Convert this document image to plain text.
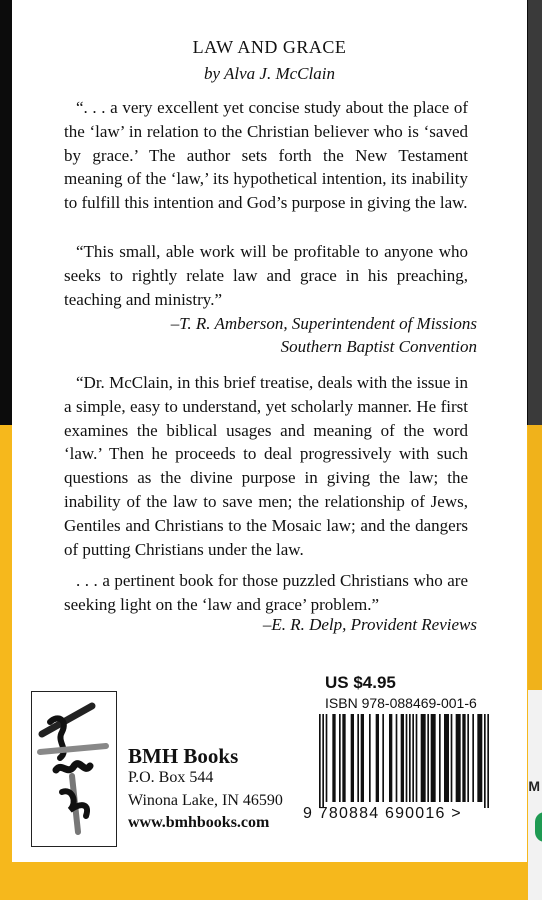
M
LAW AND GRACE
by Alva J. McClain

“. . . a very excellent yet concise study about the place of the ‘law’ in relation to the Christian believer who is ‘saved by grace.’ The author sets forth the New Testament meaning of the ‘law,’ its hypothetical intention, its inability to fulfill this intention and God’s purpose in giving the law.

“This small, able work will be profitable to anyone who seeks to rightly relate law and grace in his preaching, teaching and ministry.”

–T. R. Amberson, Superintendent of Missions
Southern Baptist Convention

“Dr. McClain, in this brief treatise, deals with the issue in a simple, easy to understand, yet scholarly manner. He first examines the biblical usages and meaning of the word ‘law.’ Then he proceeds to deal progressively with such questions as the divine purpose in giving the law; the inability of the law to save men; the relationship of Jews, Gentiles and Christians to the Mosaic law; and the dangers of putting Christians under the law.

. . . a pertinent book for those puzzled Christians who are seeking light on the ‘law and grace’ problem.”

–E. R. Delp, Provident Reviews
BMH Books
P.O. Box 544
Winona Lake, IN 46590
www.bmhbooks.com
US $4.95
ISBN 978-088469-001-6
9 780884 690016 >
